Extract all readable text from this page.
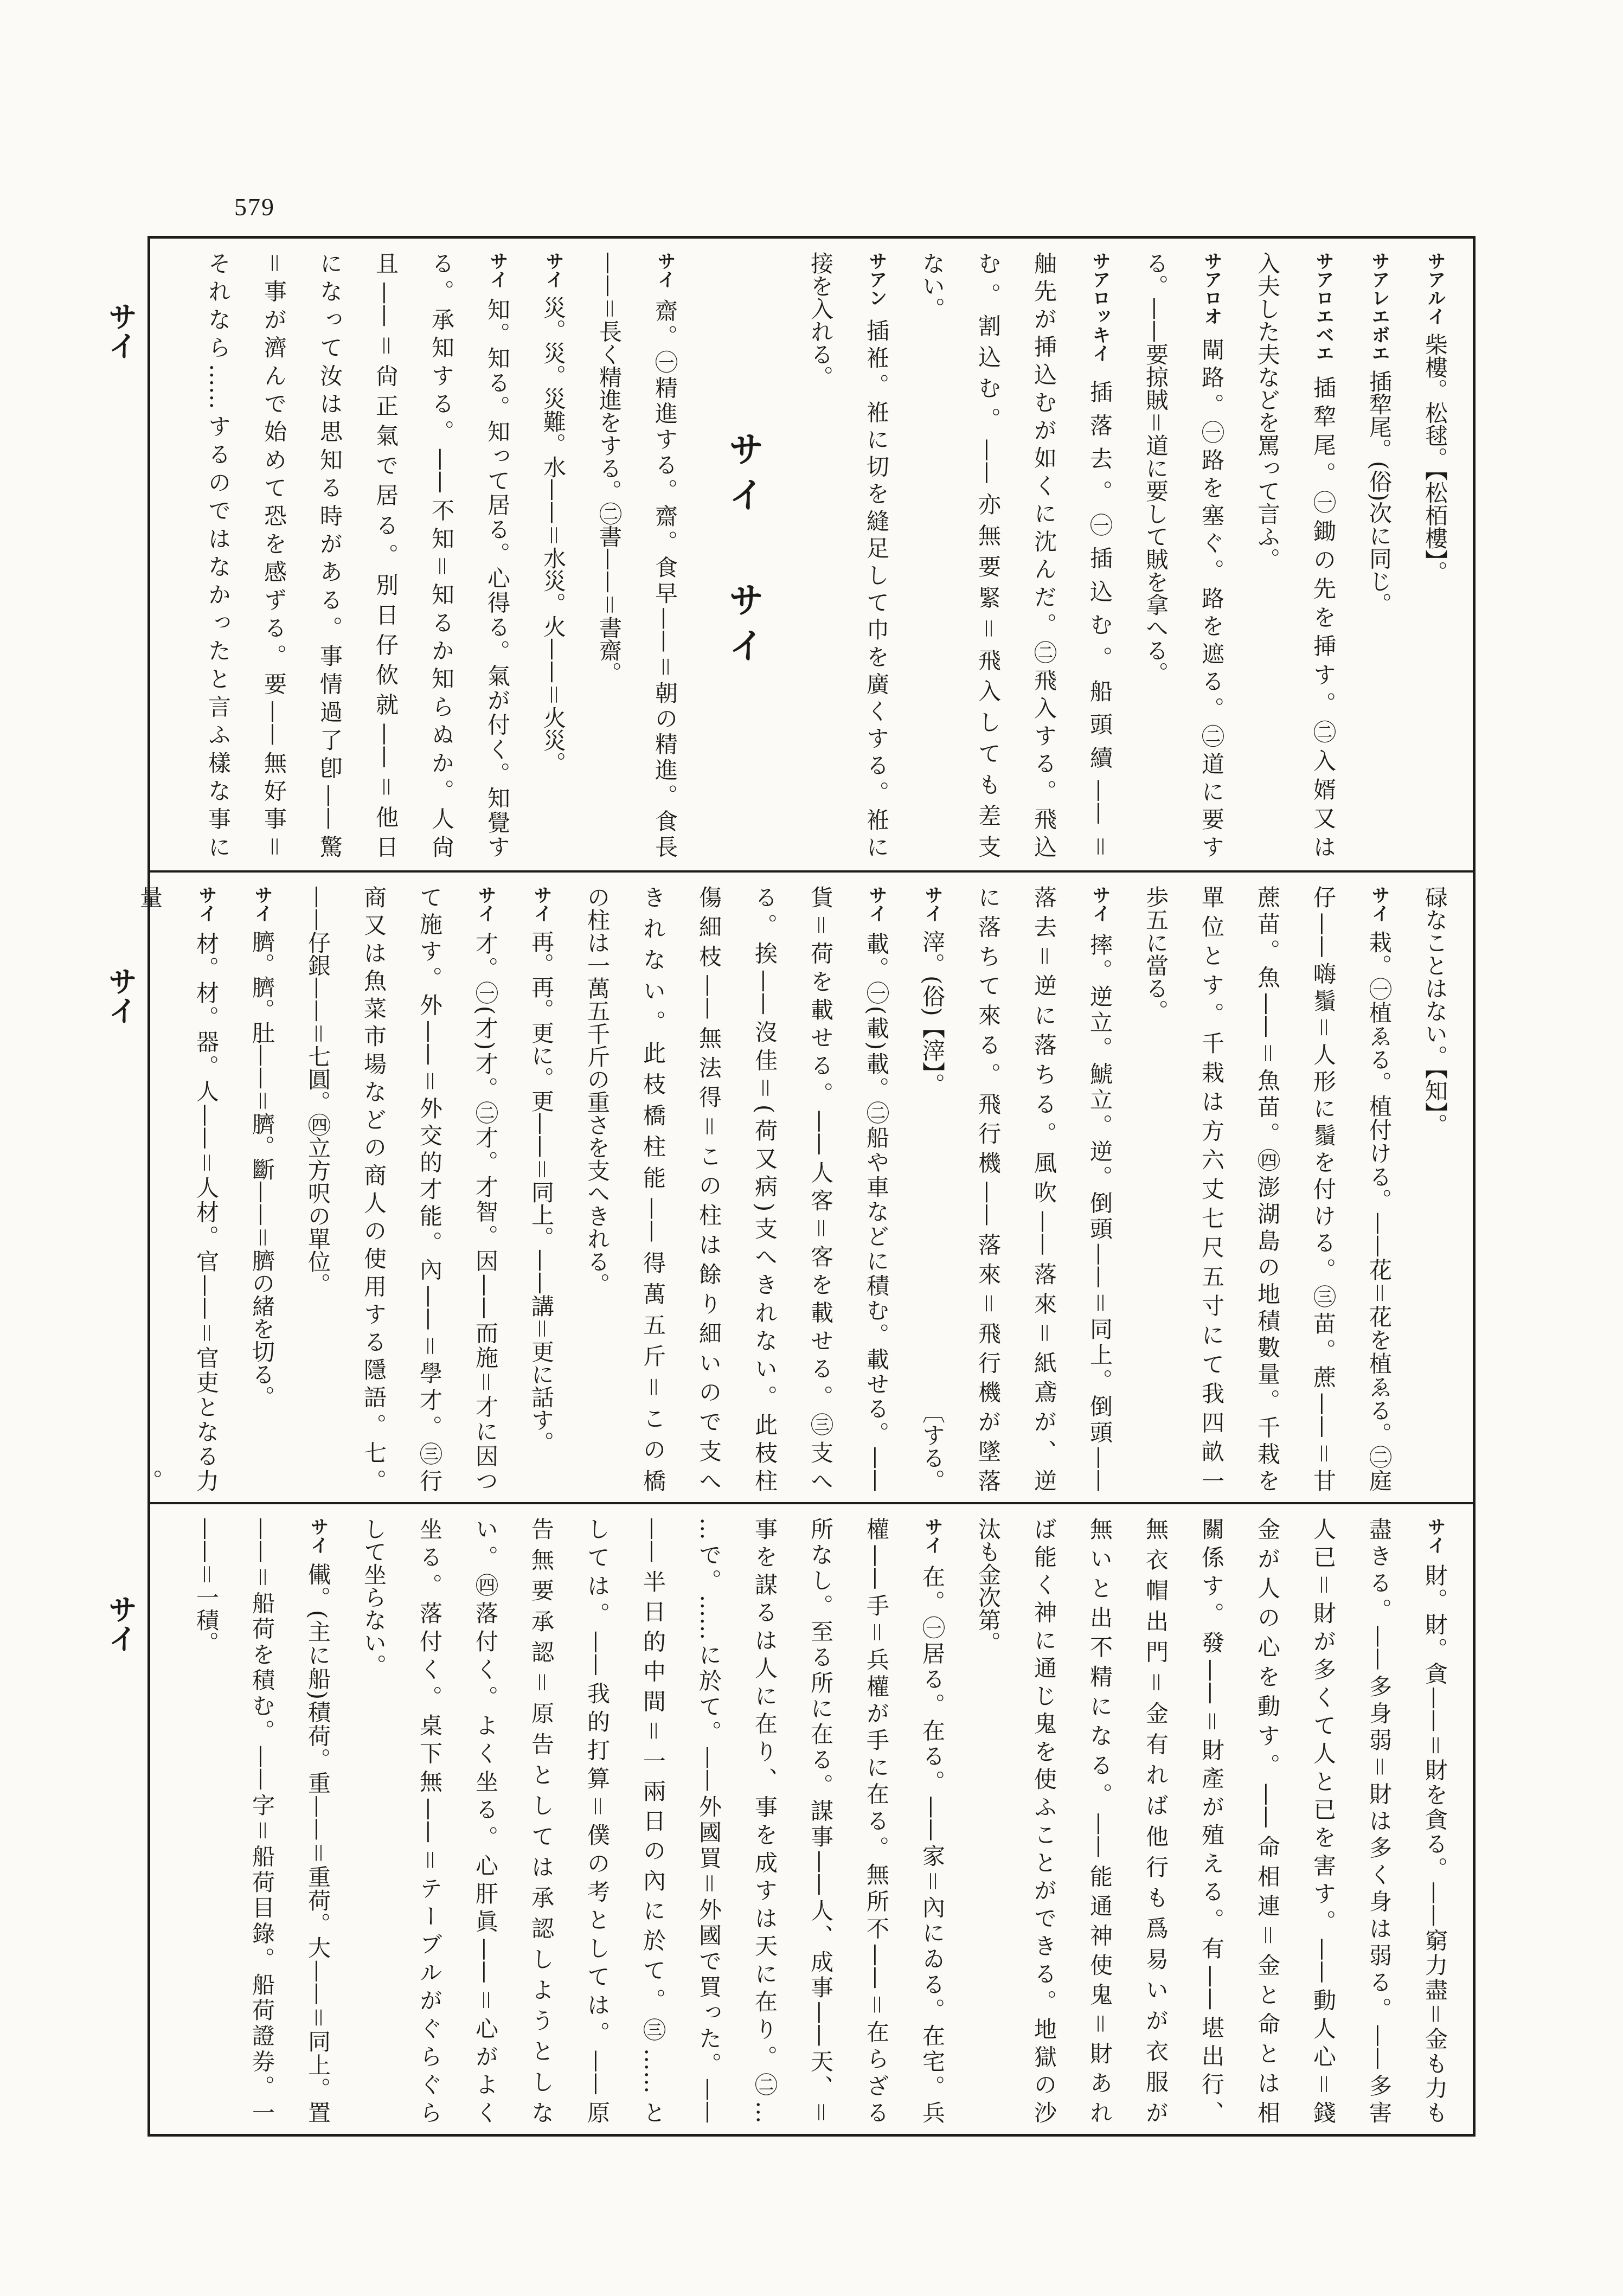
579
サイ
サイ
サイ
サアルイ柴樓。松毬。【松栢樓】。
サアレエボエ插犂尾。(俗)次に同じ。
サアロエベエ插犂尾。㊀鋤の先を挿す。㊁入婿又は
入夫した夫などを罵って言ふ。
サアロオ閘路。㊀路を塞ぐ。路を遮る。㊁道に要す
る。——要掠賊＝道に要して賊を拿へる。
サアロッキイ插落去。㊀插込む。船頭續——＝
舳先が挿込むが如くに沈んだ。㊁飛入する。飛込
む。割込む。——亦無要緊＝飛入しても差支
ない。
サアン插袵。袵に切を縫足して巾を廣くする。袵に
接を入れる。
サイサイ
サイ齋。㊀精進する。齋。食早——＝朝の精進。食長
——＝長く精進をする。㊁書——＝書齋。
サイ災。災。災難。水——＝水災。火——＝火災。
サイ知。知る。知って居る。心得る。氣が付く。知覺す
る。承知する。——不知＝知るか知らぬか。人尙
且——＝尙正氣で居る。別日仔佽就——＝他日
になって汝は思知る時がある。事情過了卽——驚
＝事が濟んで始めて恐を感ずる。要——無好事＝
それなら……するのではなかったと言ふ樣な事に
碌なことはない。【知】。
サイ栽。㊀植ゑる。植付ける。——花＝花を植ゑる。㊁庭
仔——嗨鬚＝人形に鬚を付ける。㊂苗。蔗——＝甘
蔗苗。魚——＝魚苗。㊃澎湖島の地積數量。千栽を
單位とす。千栽は方六丈七尺五寸にて我四畝一
歩五に當る。
サイ摔。逆立。鯱立。逆。倒頭——＝同上。倒頭——
落去＝逆に落ちる。風吹——落來＝紙鳶が、逆
に落ちて來る。飛行機——落來＝飛行機が墜落
サイ滓。(俗)【滓】。
〔する。
サイ載。㊀(載)載。㊁船や車などに積む。載せる。——
貨＝荷を載せる。——人客＝客を載せる。㊂支へ
る。挨——沒佳＝(荷又病)支へきれない。此枝柱
傷細枝——無法得＝この柱は餘り細いので支へ
きれない。此枝橋柱能——得萬五斤＝この橋
の柱は一萬五千斤の重さを支へきれる。
サイ再。再。更に。更——＝同上。——講＝更に話す。
サイ才。㊀(才)才。㊁才。才智。因——而施＝才に因つ
て施す。外——＝外交的才能。內——＝學才。㊂行
商又は魚菜市場などの商人の使用する隱語。七。
——仔銀——＝七圓。㊃立方呎の單位。
サイ臍。臍。肚——＝臍。斷——＝臍の緒を切る。
サイ材。材。器。人——＝人材。官——＝官吏となる力量。
サイ財。財。貪——＝財を貪る。——窮力盡＝金も力も
盡きる。——多身弱＝財は多く身は弱る。——多害
人已＝財が多くて人と已を害す。——動人心＝錢
金が人の心を動す。——命相連＝金と命とは相
關係す。發——＝財產が殖える。有——堪出行、
無衣帽出門＝金有れば他行も爲易いが衣服が
無いと出不精になる。——能通神使鬼＝財あれ
ば能く神に通じ鬼を使ふことができる。地獄の沙
汰も金次第。
サイ在。㊀居る。在る。——家＝內にゐる。在宅。兵
權——手＝兵權が手に在る。無所不——＝在らざる
所なし。至る所に在る。謀事——人、成事——天、＝
事を謀るは人に在り、事を成すは天に在り。㊁…
…で。……に於て。——外國買＝外國で買った。——
——半日的中間＝一兩日の內に於て。㊂……と
しては。——我的打算＝僕の考としては。——原
告無要承認＝原告としては承認しようとしな
い。㊃落付く。よく坐る。心肝眞——＝心がよく
坐る。落付く。桌下無——＝テーブルがぐらぐら
して坐らない。
サイ儎。(主に船)積荷。重——＝重荷。大——＝同上。置
——＝船荷を積む。——字＝船荷目錄。船荷證券。一
——＝一積。
